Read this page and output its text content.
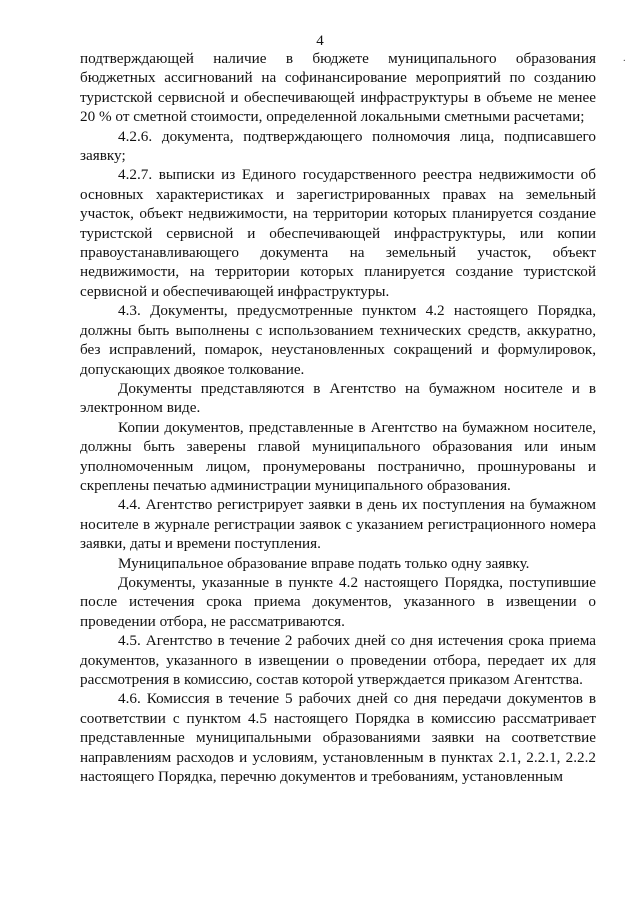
4
·

подтверждающей наличие в бюджете муниципального образования бюджетных ассигнований на софинансирование мероприятий по созданию туристской сервисной и обеспечивающей инфраструктуры в объеме не менее 20 % от сметной стоимости, определенной локальными сметными расчетами;

4.2.6. документа, подтверждающего полномочия лица, подписавшего заявку;

4.2.7. выписки из Единого государственного реестра недвижимости об основных характеристиках и зарегистрированных правах на земельный участок, объект недвижимости, на территории которых планируется создание туристской сервисной и обеспечивающей инфраструктуры, или копии правоустанавливающего документа на земельный участок, объект недвижимости, на территории которых планируется создание туристской сервисной и обеспечивающей инфраструктуры.

4.3. Документы, предусмотренные пунктом 4.2 настоящего Порядка, должны быть выполнены с использованием технических средств, аккуратно, без исправлений, помарок, неустановленных сокращений и формулировок, допускающих двоякое толкование.

Документы представляются в Агентство на бумажном носителе и в электронном виде.

Копии документов, представленные в Агентство на бумажном носителе, должны быть заверены главой муниципального образования или иным уполномоченным лицом, пронумерованы постранично, прошнурованы и скреплены печатью администрации муниципального образования.

4.4. Агентство регистрирует заявки в день их поступления на бумажном носителе в журнале регистрации заявок с указанием регистрационного номера заявки, даты и времени поступления.

Муниципальное образование вправе подать только одну заявку.

Документы, указанные в пункте 4.2 настоящего Порядка, поступившие после истечения срока приема документов, указанного в извещении о проведении отбора, не рассматриваются.

4.5. Агентство в течение 2 рабочих дней со дня истечения срока приема документов, указанного в извещении о проведении отбора, передает их для рассмотрения в комиссию, состав которой утверждается приказом Агентства.

4.6. Комиссия в течение 5 рабочих дней со дня передачи документов в соответствии с пунктом 4.5 настоящего Порядка в комиссию рассматривает представленные муниципальными образованиями заявки на соответствие направлениям расходов и условиям, установленным в пунктах 2.1, 2.2.1, 2.2.2 настоящего Порядка, перечню документов и требованиям, установленным
